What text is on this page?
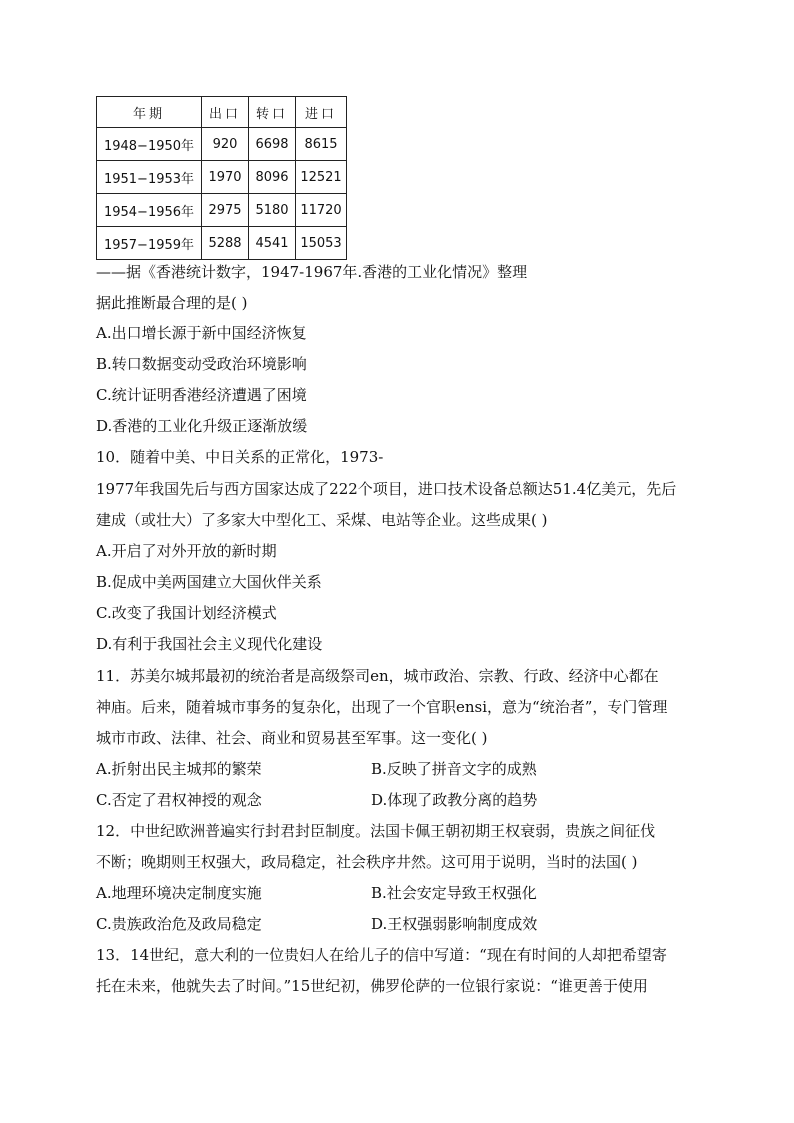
年期	出口	转口	进口
1948−1950年	920	6698	8615
1951−1953年	1970	8096	12521
1954−1956年	2975	5180	11720
1957−1959年	5288	4541	15053
——据《香港统计数字，1947-1967年.香港的工业化情况》整理
据此推断最合理的是( )
A.出口增长源于新中国经济恢复
B.转口数据变动受政治环境影响
C.统计证明香港经济遭遇了困境
D.香港的工业化升级正逐渐放缓
10．随着中美、中日关系的正常化，1973-
1977年我国先后与西方国家达成了222个项目，进口技术设备总额达51.4亿美元，先后
建成（或壮大）了多家大中型化工、采煤、电站等企业。这些成果( )
A.开启了对外开放的新时期
B.促成中美两国建立大国伙伴关系
C.改变了我国计划经济模式
D.有利于我国社会主义现代化建设
11．苏美尔城邦最初的统治者是高级祭司en，城市政治、宗教、行政、经济中心都在
神庙。后来，随着城市事务的复杂化，出现了一个官职ensi，意为“统治者”，专门管理
城市市政、法律、社会、商业和贸易甚至军事。这一变化( )
A.折射出民主城邦的繁荣	B.反映了拼音文字的成熟
C.否定了君权神授的观念	D.体现了政教分离的趋势
12．中世纪欧洲普遍实行封君封臣制度。法国卡佩王朝初期王权衰弱，贵族之间征伐
不断；晚期则王权强大，政局稳定，社会秩序井然。这可用于说明，当时的法国( )
A.地理环境决定制度实施	B.社会安定导致王权强化
C.贵族政治危及政局稳定	D.王权强弱影响制度成效
13．14世纪，意大利的一位贵妇人在给儿子的信中写道：“现在有时间的人却把希望寄
托在未来，他就失去了时间。”15世纪初，佛罗伦萨的一位银行家说：“谁更善于使用
